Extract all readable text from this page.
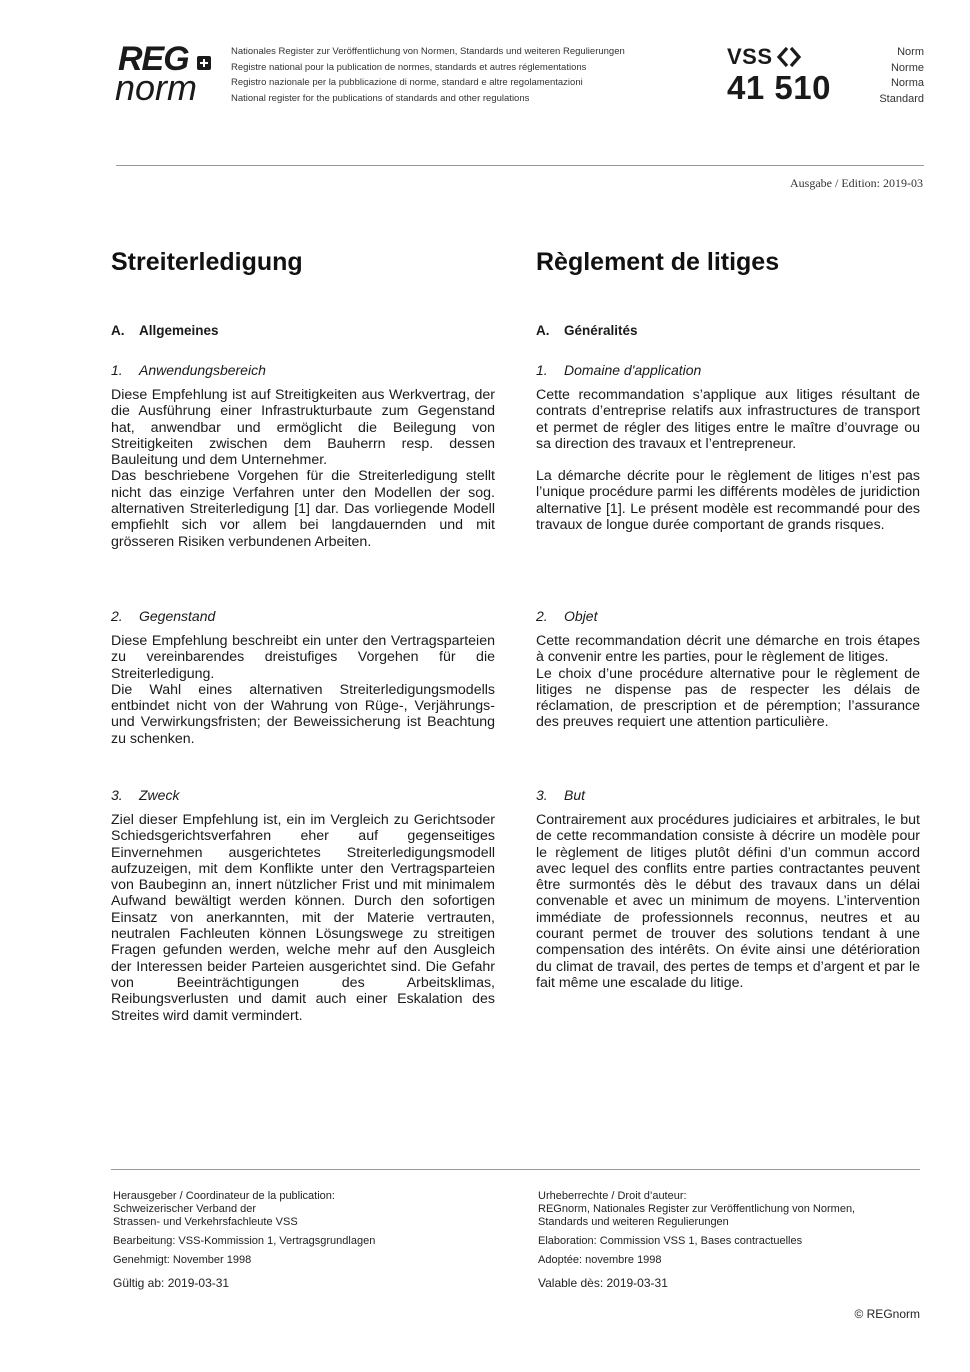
REG
norm
Nationales Register zur Veröffentlichung von Normen, Standards und weiteren Regulierungen
Registre national pour la publication de normes, standards et autres réglementations
Registro nazionale per la pubblicazione di norme, standard e altre regolamentazioni
National register for the publications of standards and other regulations
VSS
41 510
Norm
Norme
Norma
Standard
Ausgabe / Edition: 2019-03
Streiterledigung
A. Allgemeines
1. Anwendungsbereich

Diese Empfehlung ist auf Streitigkeiten aus Werkvertrag, der die Ausführung einer Infrastrukturbaute zum Gegenstand hat, anwendbar und ermöglicht die Beilegung von Streitigkeiten zwischen dem Bauherrn resp. dessen Bauleitung und dem Unternehmer.

Das beschriebene Vorgehen für die Streiterledigung stellt nicht das einzige Verfahren unter den Modellen der sog. alternativen Streiterledigung [1] dar. Das vorliegende Modell empfiehlt sich vor allem bei langdauernden und mit grösseren Risiken verbundenen Arbeiten.

2. Gegenstand

Diese Empfehlung beschreibt ein unter den Vertragsparteien zu vereinbarendes dreistufiges Vorgehen für die Streiterledigung.

Die Wahl eines alternativen Streiterledigungsmodells entbindet nicht von der Wahrung von Rüge-, Verjährungs- und Verwirkungsfristen; der Beweissicherung ist Beachtung zu schenken.

3. Zweck

Ziel dieser Empfehlung ist, ein im Vergleich zu Gerichtsoder Schiedsgerichtsverfahren eher auf gegenseitiges Einvernehmen ausgerichtetes Streiterledigungsmodell aufzuzeigen, mit dem Konflikte unter den Vertragsparteien von Baubeginn an, innert nützlicher Frist und mit minimalem Aufwand bewältigt werden können. Durch den sofortigen Einsatz von anerkannten, mit der Materie vertrauten, neutralen Fachleuten können Lösungswege zu streitigen Fragen gefunden werden, welche mehr auf den Ausgleich der Interessen beider Parteien ausgerichtet sind. Die Gefahr von Beeinträchtigungen des Arbeitsklimas, Reibungsverlusten und damit auch einer Eskalation des Streites wird damit vermindert.

Règlement de litiges
A. Généralités
1. Domaine d'application

Cette recommandation s’applique aux litiges résultant de contrats d’entreprise relatifs aux infrastructures de transport et permet de régler des litiges entre le maître d’ouvrage ou sa direction des travaux et l’entrepreneur.

La démarche décrite pour le règlement de litiges n’est pas l’unique procédure parmi les différents modèles de juridiction alternative [1]. Le présent modèle est recommandé pour des travaux de longue durée comportant de grands risques.

2. Objet

Cette recommandation décrit une démarche en trois étapes à convenir entre les parties, pour le règlement de litiges.

Le choix d’une procédure alternative pour le règlement de litiges ne dispense pas de respecter les délais de réclamation, de prescription et de péremption; l’assurance des preuves requiert une attention particulière.

3. But

Contrairement aux procédures judiciaires et arbitrales, le but de cette recommandation consiste à décrire un modèle pour le règlement de litiges plutôt défini d’un commun accord avec lequel des conflits entre parties contractantes peuvent être surmontés dès le début des travaux dans un délai convenable et avec un minimum de moyens. L’intervention immédiate de professionnels reconnus, neutres et au courant permet de trouver des solutions tendant à une compensation des intérêts. On évite ainsi une détérioration du climat de travail, des pertes de temps et d’argent et par le fait même une escalade du litige.

Herausgeber / Coordinateur de la publication:
Schweizerischer Verband der
Strassen- und Verkehrsfachleute VSS

Bearbeitung: VSS-Kommission 1, Vertragsgrundlagen

Genehmigt: November 1998

Gültig ab: 2019-03-31

Urheberrechte / Droit d’auteur:
REGnorm, Nationales Register zur Veröffentlichung von Normen,
Standards und weiteren Regulierungen

Elaboration: Commission VSS 1, Bases contractuelles

Adoptée: novembre 1998

Valable dès: 2019-03-31

© REGnorm
